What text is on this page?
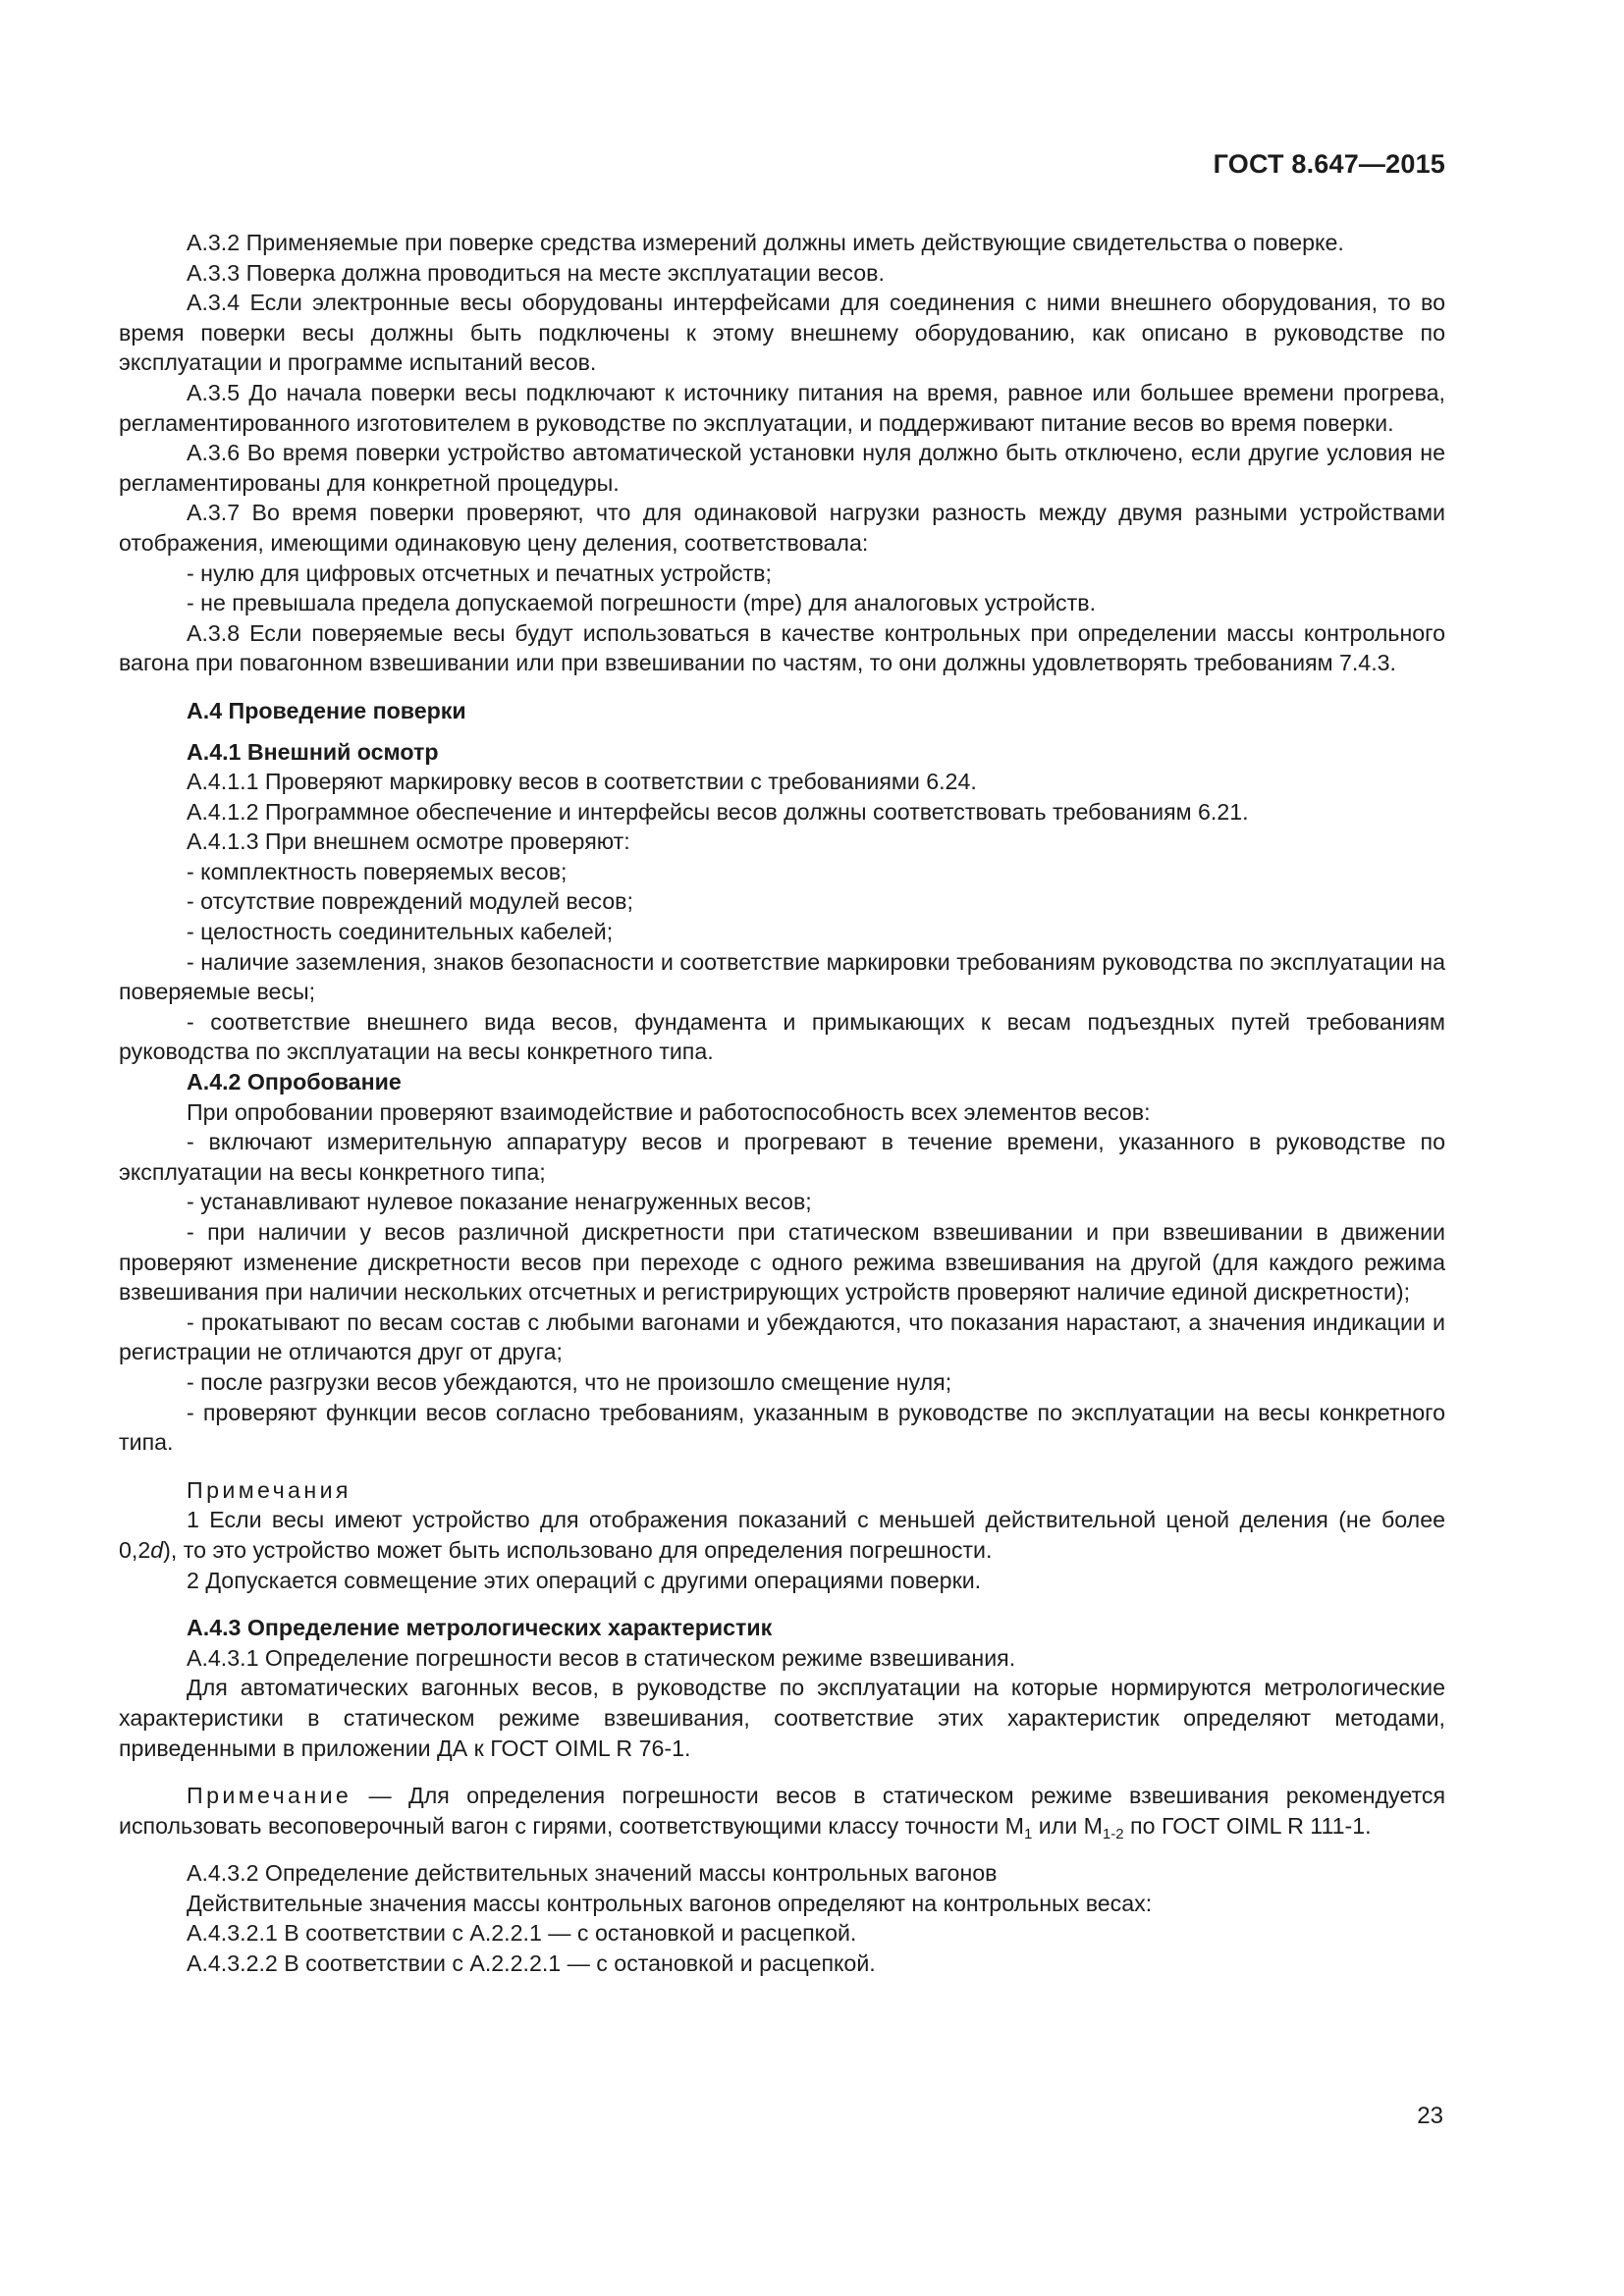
ГОСТ 8.647—2015

А.3.2 Применяемые при поверке средства измерений должны иметь действующие свидетельства о поверке.

А.3.3 Поверка должна проводиться на месте эксплуатации весов.

А.3.4 Если электронные весы оборудованы интерфейсами для соединения с ними внешнего оборудования, то во время поверки весы должны быть подключены к этому внешнему оборудованию, как описано в руководстве по эксплуатации и программе испытаний весов.

А.3.5 До начала поверки весы подключают к источнику питания на время, равное или большее времени прогрева, регламентированного изготовителем в руководстве по эксплуатации, и поддерживают питание весов во время поверки.

А.3.6 Во время поверки устройство автоматической установки нуля должно быть отключено, если другие условия не регламентированы для конкретной процедуры.

А.3.7 Во время поверки проверяют, что для одинаковой нагрузки разность между двумя разными устройствами отображения, имеющими одинаковую цену деления, соответствовала:

- нулю для цифровых отсчетных и печатных устройств;

- не превышала предела допускаемой погрешности (mpe) для аналоговых устройств.

А.3.8 Если поверяемые весы будут использоваться в качестве контрольных при определении массы контрольного вагона при повагонном взвешивании или при взвешивании по частям, то они должны удовлетворять требованиям 7.4.3.

А.4 Проведение поверки

А.4.1 Внешний осмотр

А.4.1.1 Проверяют маркировку весов в соответствии с требованиями 6.24.

А.4.1.2 Программное обеспечение и интерфейсы весов должны соответствовать требованиям 6.21.

А.4.1.3 При внешнем осмотре проверяют:

- комплектность поверяемых весов;

- отсутствие повреждений модулей весов;

- целостность соединительных кабелей;

- наличие заземления, знаков безопасности и соответствие маркировки требованиям руководства по эксплуатации на поверяемые весы;

- соответствие внешнего вида весов, фундамента и примыкающих к весам подъездных путей требованиям руководства по эксплуатации на весы конкретного типа.

А.4.2 Опробование

При опробовании проверяют взаимодействие и работоспособность всех элементов весов:

- включают измерительную аппаратуру весов и прогревают в течение времени, указанного в руководстве по эксплуатации на весы конкретного типа;

- устанавливают нулевое показание ненагруженных весов;

- при наличии у весов различной дискретности при статическом взвешивании и при взвешивании в движении проверяют изменение дискретности весов при переходе с одного режима взвешивания на другой (для каждого режима взвешивания при наличии нескольких отсчетных и регистрирующих устройств проверяют наличие единой дискретности);

- прокатывают по весам состав с любыми вагонами и убеждаются, что показания нарастают, а значения индикации и регистрации не отличаются друг от друга;

- после разгрузки весов убеждаются, что не произошло смещение нуля;

- проверяют функции весов согласно требованиям, указанным в руководстве по эксплуатации на весы конкретного типа.

Примечания

1 Если весы имеют устройство для отображения показаний с меньшей действительной ценой деления (не более 0,2d), то это устройство может быть использовано для определения погрешности.

2 Допускается совмещение этих операций с другими операциями поверки.

А.4.3 Определение метрологических характеристик

А.4.3.1 Определение погрешности весов в статическом режиме взвешивания.

Для автоматических вагонных весов, в руководстве по эксплуатации на которые нормируются метрологические характеристики в статическом режиме взвешивания, соответствие этих характеристик определяют методами, приведенными в приложении ДА к ГОСТ OIML R 76-1.

Примечание — Для определения погрешности весов в статическом режиме взвешивания рекомендуется использовать весоповерочный вагон с гирями, соответствующими классу точности $М_1$ или $М_{1-2}$ по ГОСТ OIML R 111-1.

А.4.3.2 Определение действительных значений массы контрольных вагонов

Действительные значения массы контрольных вагонов определяют на контрольных весах:

А.4.3.2.1 В соответствии с А.2.2.1 — с остановкой и расцепкой.

А.4.3.2.2 В соответствии с А.2.2.2.1 — с остановкой и расцепкой.

23
